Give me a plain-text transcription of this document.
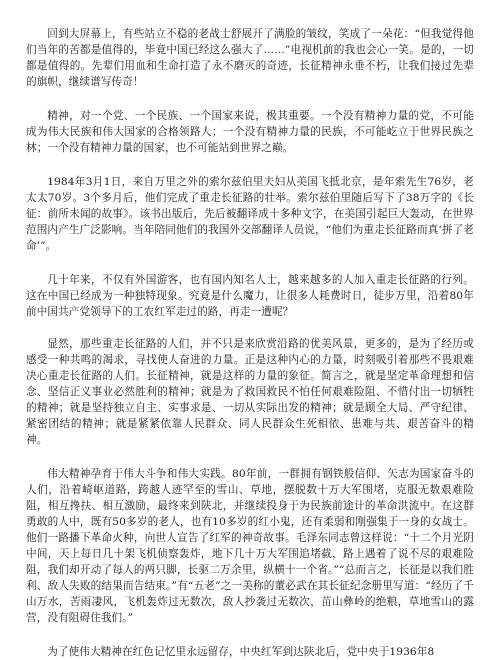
回到大屏幕上，有些站立不稳的老战士舒展开了满脸的皱纹，笑成了一朵花：“但我觉得他们当年的苦都是值得的，毕竟中国已经这么强大了……”电视机前的我也会心一笑。是的，一切都是值得的。先辈们用血和生命打造了永不磨灭的奇迹，长征精神永垂不朽，让我们接过先辈的旗帜，继续谱写传奇！

精神，对一个党、一个民族、一个国家来说，极其重要。一个没有精神力量的党，不可能成为伟大民族和伟大国家的合格领路人；一个没有精神力量的民族，不可能屹立于世界民族之林；一个没有精神力量的国家，也不可能站到世界之巅。

1984年3月1日，来自万里之外的索尔兹伯里夫妇从美国飞抵北京，是年索先生76岁，老太太70岁。3个多月后，他们完成了重走长征路的壮举。索尔兹伯里随后写下了38万字的《长征：前所未闻的故事》。该书出版后，先后被翻译成十多种文字，在美国引起巨大轰动，在世界范围内产生广泛影响。当年陪同他们的我国外交部翻译人员说，“他们为重走长征路而真‘拼了老命’”。

几十年来，不仅有外国游客，也有国内知名人士，越来越多的人加入重走长征路的行列。这在中国已经成为一种独特现象。究竟是什么魔力，让很多人耗费时日，徒步万里，沿着80年前中国共产党领导下的工农红军走过的路，再走一遭呢？

显然，那些重走长征路的人们，并不只是来欣赏沿路的优美风景，更多的，是为了经历或感受一种共鸣的渴求，寻找使人奋进的力量。正是这种内心的力量，时刻吸引着那些不畏艰难决心重走长征路的人们。长征精神，就是这样的力量的象征。简言之，就是坚定革命理想和信念、坚信正义事业必然胜利的精神；就是为了救国救民不怕任何艰难险阻、不惜付出一切牺牲的精神；就是坚持独立自主、实事求是、一切从实际出发的精神；就是顾全大局、严守纪律、紧密团结的精神；就是紧紧依靠人民群众、同人民群众生死相依、患难与共、艰苦奋斗的精神。

伟大精神孕育于伟大斗争和伟大实践。80年前，一群拥有钢铁般信仰、矢志为国家奋斗的人们，沿着崎岖道路，跨越人迹罕至的雪山、草地，摆脱数十万大军围堵，克服无数艰难险阻，相互搀扶、相互激励，最终来到陕北，并继续投身于为民族前途计的革命洪流中。在这群勇敢的人中，既有50多岁的老人，也有10多岁的红小鬼，还有柔弱和刚强集于一身的女战士。他们一路播下革命火种，向世人宣告了红军的神奇故事。毛泽东同志曾这样说：“十二个月光阴中间，天上每日几十架飞机侦察轰炸，地下几十万大军围追堵截，路上遇着了说不尽的艰难险阻，我们却开动了每人的两只脚，长驱二万余里，纵横十一个省。”“总而言之，长征是以我们胜利、敌人失败的结果而告结束。”有“五老”之一美称的董必武在其长征纪念册里写道：“经历了千山万水，苦雨凄风，飞机轰炸过无数次，敌人抄袭过无数次，苗山彝岭的绝粮，草地雪山的露营，没有阻碍住我们。”

为了使伟大精神在红色记忆里永远留存，中央红军到达陕北后，党中央于1936年8
